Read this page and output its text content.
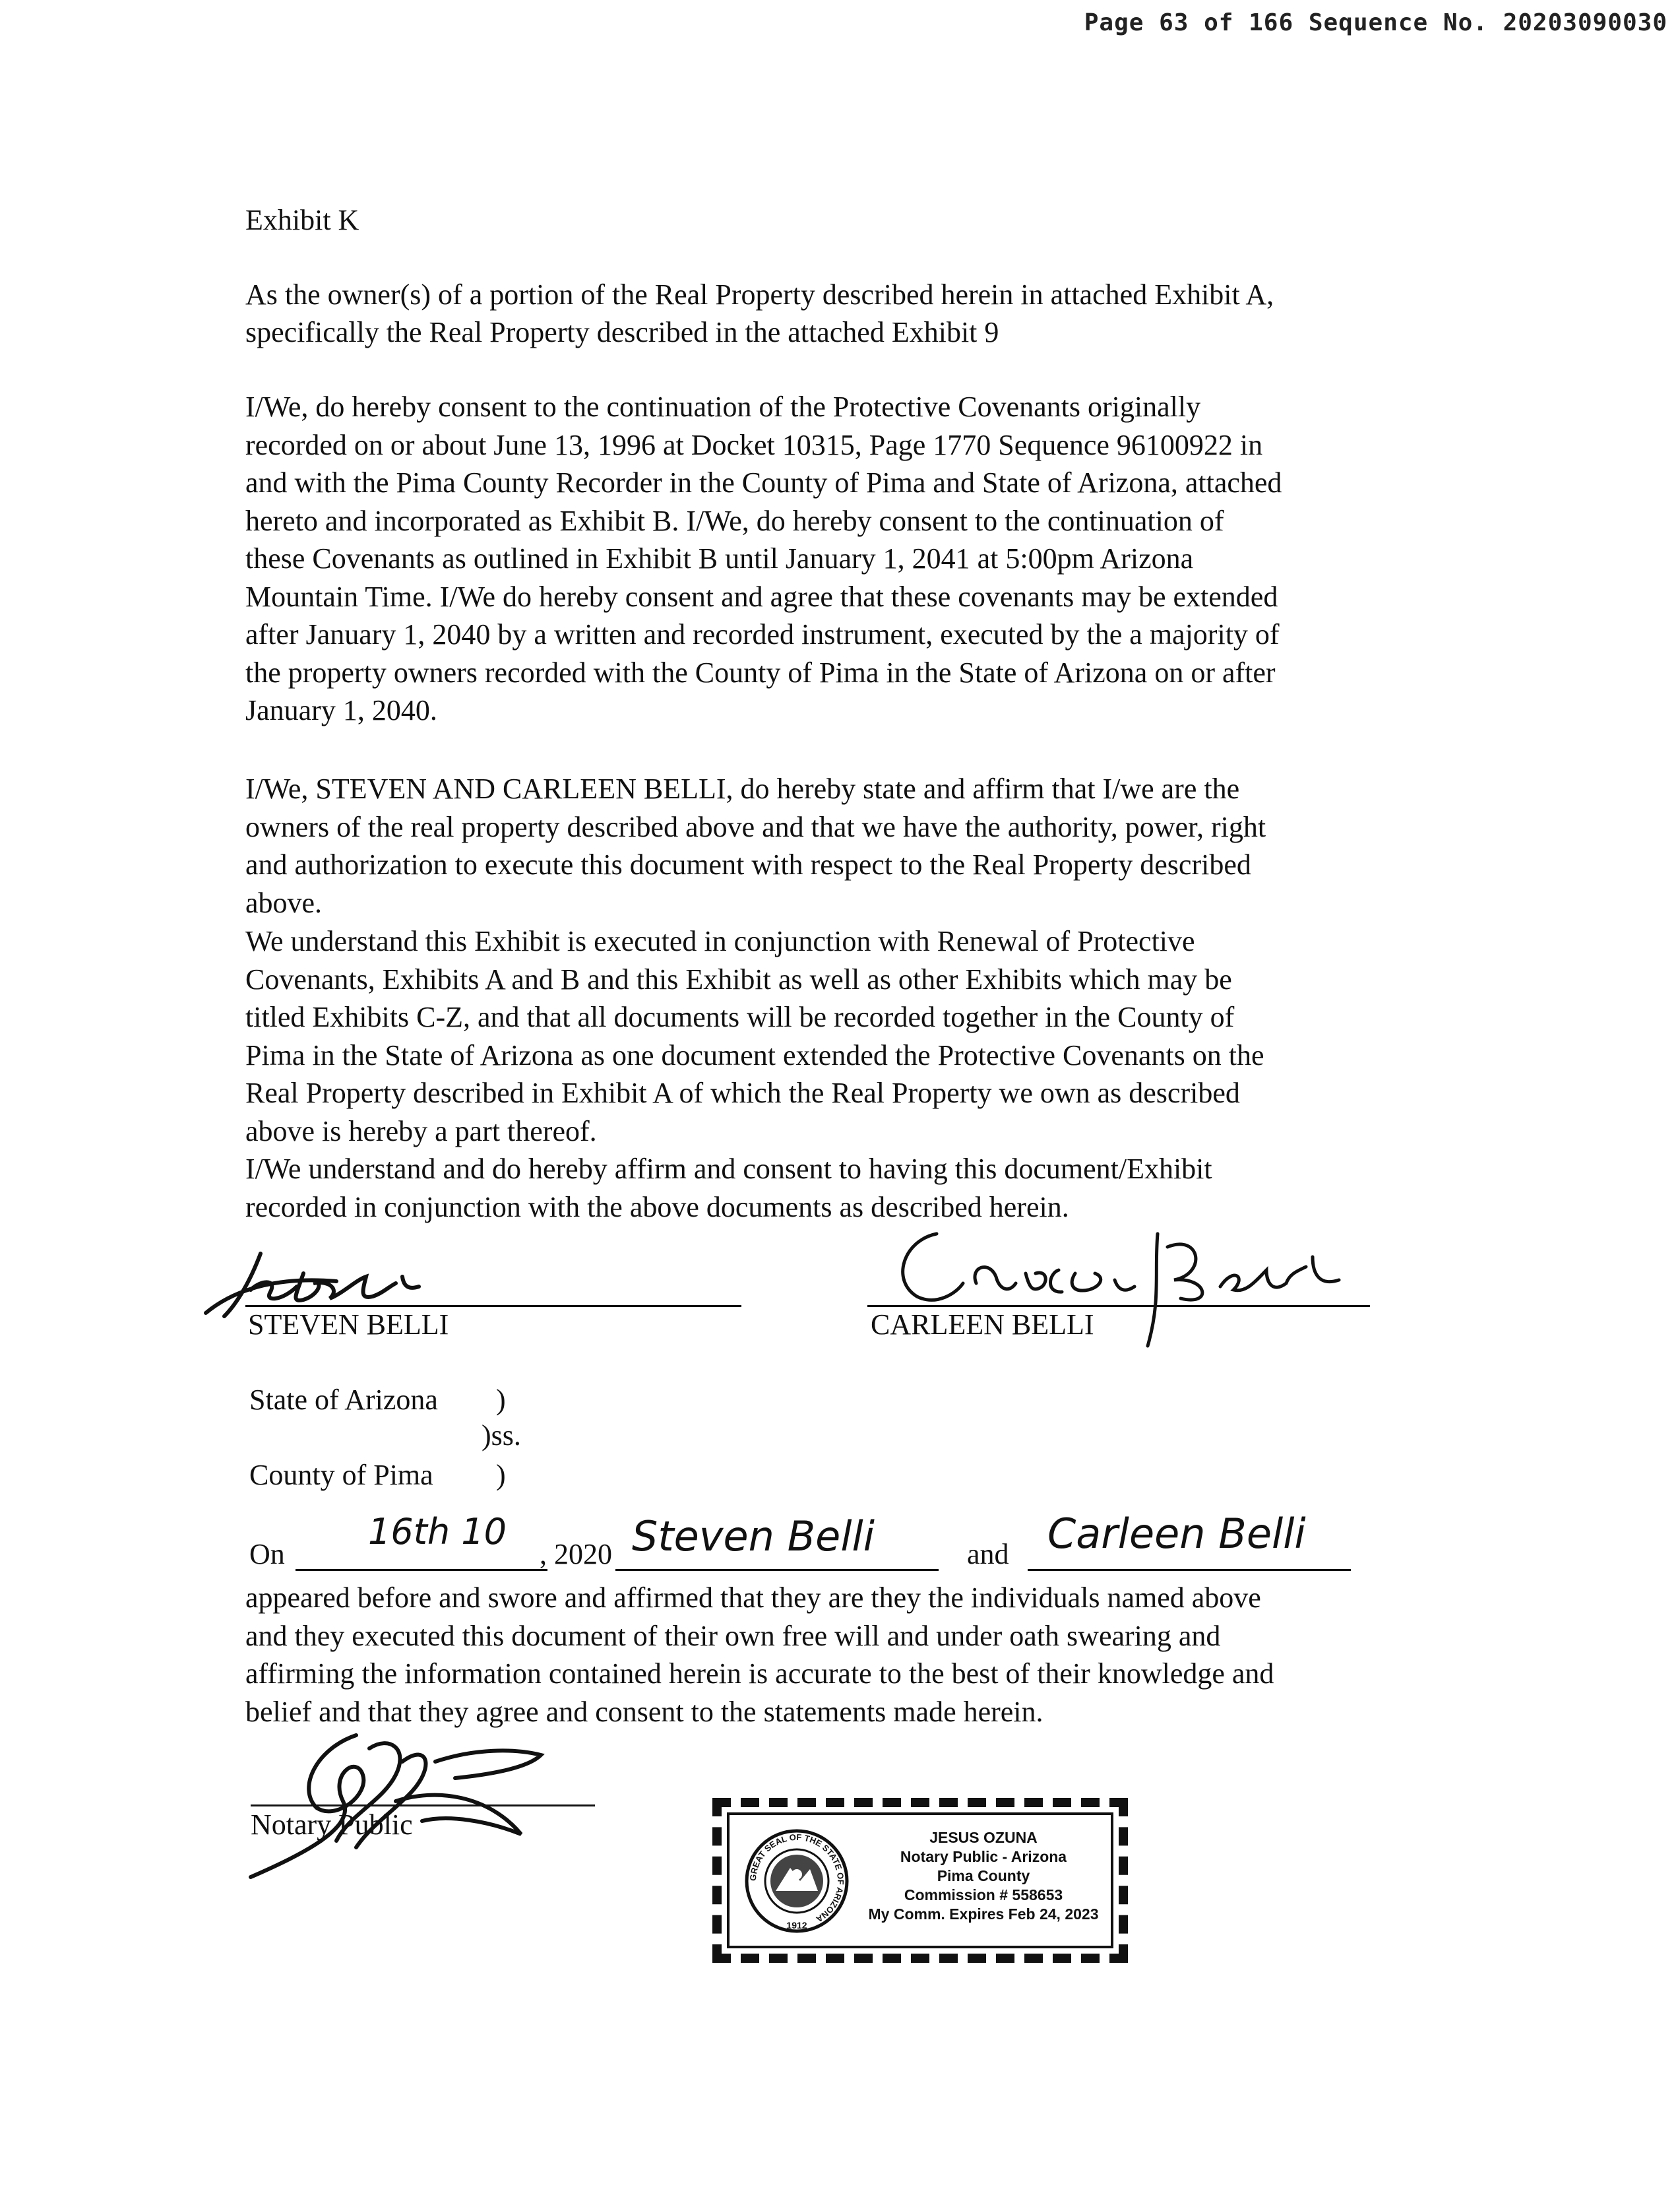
Page 63 of 166 Sequence No. 20203090030
Exhibit K
As the owner(s) of a portion of the Real Property described herein in attached Exhibit A,
specifically the Real Property described in the attached Exhibit 9
I/We, do hereby consent to the continuation of the Protective Covenants originally
recorded on or about June 13, 1996 at Docket 10315, Page 1770 Sequence 96100922 in
and with the Pima County Recorder in the County of Pima and State of Arizona, attached
hereto and incorporated as Exhibit B. I/We, do hereby consent to the continuation of
these Covenants as outlined in Exhibit B until January 1, 2041 at 5:00pm Arizona
Mountain Time. I/We do hereby consent and agree that these covenants may be extended
after January 1, 2040 by a written and recorded instrument, executed by the a majority of
the property owners recorded with the County of Pima in the State of Arizona on or after
January 1, 2040.
I/We, STEVEN AND CARLEEN BELLI, do hereby state and affirm that I/we are the
owners of the real property described above and that we have the authority, power, right
and authorization to execute this document with respect to the Real Property described
above.
We understand this Exhibit is executed in conjunction with Renewal of Protective
Covenants, Exhibits A and B and this Exhibit as well as other Exhibits which may be
titled Exhibits C-Z, and that all documents will be recorded together in the County of
Pima in the State of Arizona as one document extended the Protective Covenants on the
Real Property described in Exhibit A of which the Real Property we own as described
above is hereby a part thereof.
I/We understand and do hereby affirm and consent to having this document/Exhibit
recorded in conjunction with the above documents as described herein.
STEVEN BELLI	CARLEEN BELLI
State of Arizona )
)ss.
County of Pima )
On
16th 10
, 2020 Steven Belli	and Carleen Belli
appeared before and swore and affirmed that they are they the individuals named above
and they executed this document of their own free will and under oath swearing and
affirming the information contained herein is accurate to the best of their knowledge and
belief and that they agree and consent to the statements made herein.
Notary Public
GREAT SEAL OF THE STATE OF ARIZONA
1912
JESUS OZUNA
Notary Public - Arizona
Pima County
Commission # 558653
My Comm. Expires Feb 24, 2023
